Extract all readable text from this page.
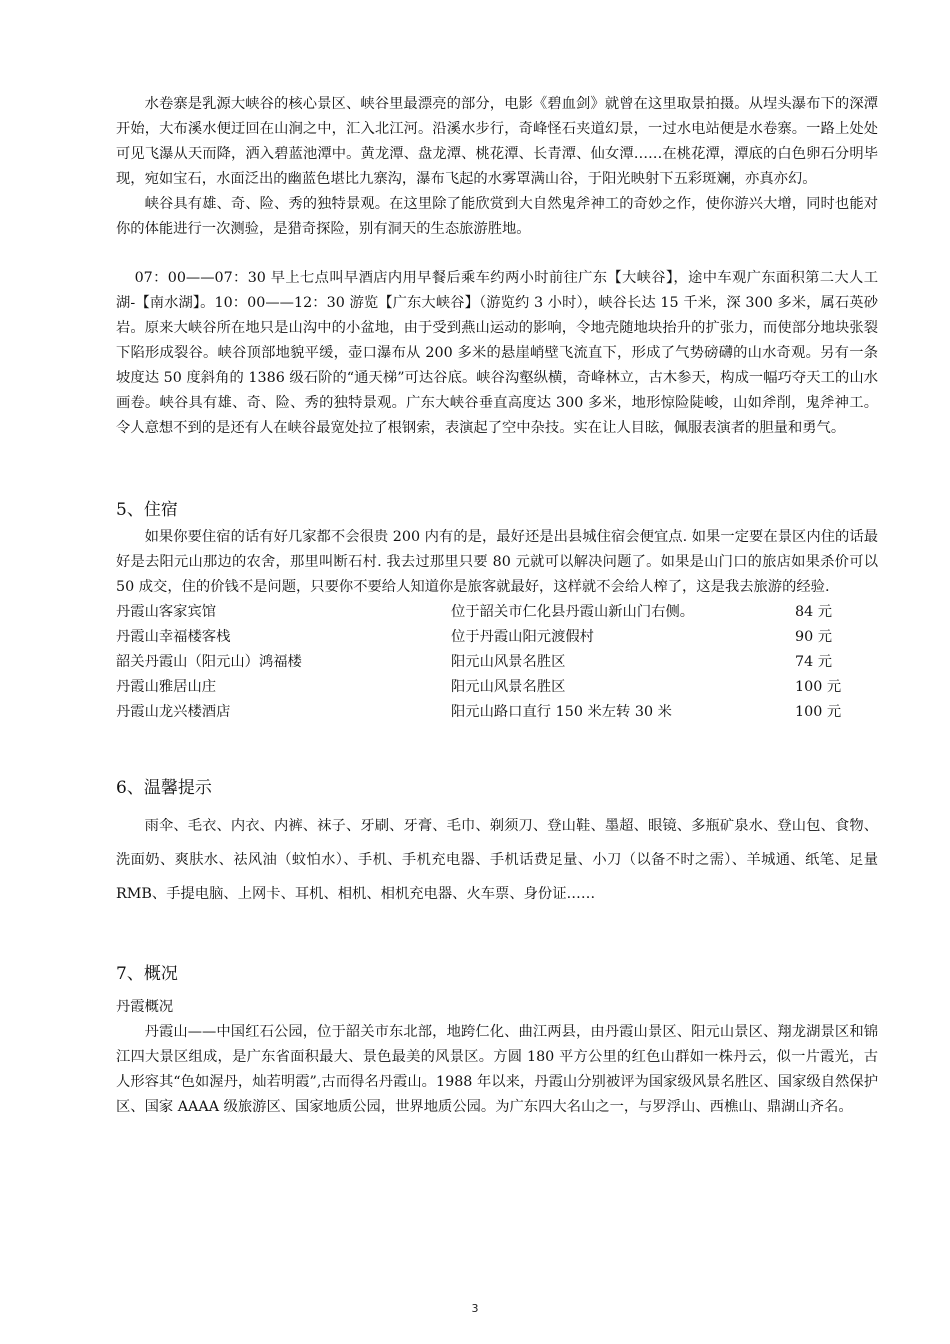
水卷寨是乳源大峡谷的核心景区、峡谷里最漂亮的部分，电影《碧血剑》就曾在这里取景拍摄。从埕头瀑布下的深潭开始，大布溪水便迂回在山涧之中，汇入北江河。沿溪水步行，奇峰怪石夹道幻景，一过水电站便是水卷寨。一路上处处可见飞瀑从天而降，洒入碧蓝池潭中。黄龙潭、盘龙潭、桃花潭、长青潭、仙女潭……在桃花潭，潭底的白色卵石分明毕现，宛如宝石，水面泛出的幽蓝色堪比九寨沟，瀑布飞起的水雾罩满山谷，于阳光映射下五彩斑斓，亦真亦幻。

峡谷具有雄、奇、险、秀的独特景观。在这里除了能欣赏到大自然鬼斧神工的奇妙之作，使你游兴大增，同时也能对你的体能进行一次测验，是猎奇探险，别有洞天的生态旅游胜地。

07：00——07：30 早上七点叫早酒店内用早餐后乘车约两小时前往广东【大峡谷】，途中车观广东面积第二大人工湖-【南水湖】。10：00——12：30 游览【广东大峡谷】（游览约 3 小时），峡谷长达 15 千米，深 300 多米，属石英砂岩。原来大峡谷所在地只是山沟中的小盆地，由于受到燕山运动的影响，令地壳随地块抬升的扩张力，而使部分地块张裂下陷形成裂谷。峡谷顶部地貌平缓，壶口瀑布从 200 多米的悬崖峭壁飞流直下，形成了气势磅礴的山水奇观。另有一条坡度达 50 度斜角的 1386 级石阶的“通天梯”可达谷底。峡谷沟壑纵横，奇峰林立，古木参天，构成一幅巧夺天工的山水画卷。峡谷具有雄、奇、险、秀的独特景观。广东大峡谷垂直高度达 300 多米，地形惊险陡峻，山如斧削，鬼斧神工。令人意想不到的是还有人在峡谷最宽处拉了根钢索，表演起了空中杂技。实在让人目眩，佩服表演者的胆量和勇气。

5、住宿

如果你要住宿的话有好几家都不会很贵 200 内有的是，最好还是出县城住宿会便宜点. 如果一定要在景区内住的话最好是去阳元山那边的农舍，那里叫断石村. 我去过那里只要 80 元就可以解决问题了。如果是山门口的旅店如果杀价可以 50 成交，住的价钱不是问题，只要你不要给人知道你是旅客就最好，这样就不会给人榨了，这是我去旅游的经验.

丹霞山客家宾馆	位于韶关市仁化县丹霞山新山门右侧。	84 元
丹霞山幸福楼客栈	位于丹霞山阳元渡假村	90 元
韶关丹霞山（阳元山）鸿福楼	阳元山风景名胜区	74 元
丹霞山雅居山庄	阳元山风景名胜区	100 元
丹霞山龙兴楼酒店	阳元山路口直行 150 米左转 30 米	100 元
6、温馨提示

雨伞、毛衣、内衣、内裤、袜子、牙刷、牙膏、毛巾、剃须刀、登山鞋、墨超、眼镜、多瓶矿泉水、登山包、食物、洗面奶、爽肤水、祛风油（蚊怕水）、手机、手机充电器、手机话费足量、小刀（以备不时之需）、羊城通、纸笔、足量 RMB、手提电脑、上网卡、耳机、相机、相机充电器、火车票、身份证……

7、概况

丹霞概况

丹霞山——中国红石公园，位于韶关市东北部，地跨仁化、曲江两县，由丹霞山景区、阳元山景区、翔龙湖景区和锦江四大景区组成，是广东省面积最大、景色最美的风景区。方圆 180 平方公里的红色山群如一株丹云，似一片霞光，古人形容其“色如渥丹，灿若明霞”,古而得名丹霞山。1988 年以来，丹霞山分别被评为国家级风景名胜区、国家级自然保护区、国家 AAAA 级旅游区、国家地质公园，世界地质公园。为广东四大名山之一，与罗浮山、西樵山、鼎湖山齐名。

3
